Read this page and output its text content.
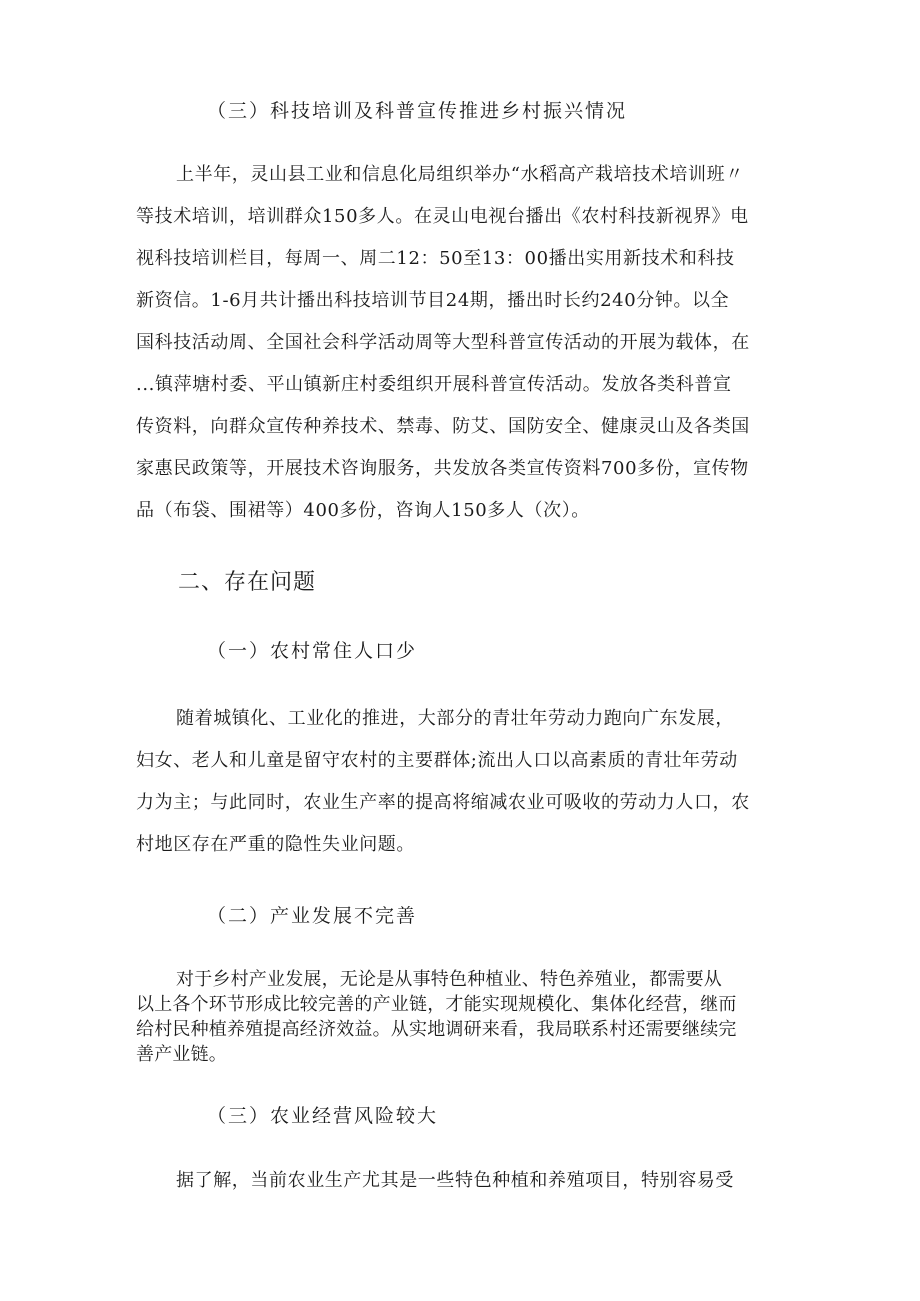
（三）科技培训及科普宣传推进乡村振兴情况
上半年，灵山县工业和信息化局组织举办“水稻高产栽培技术培训班〃
等技术培训，培训群众150多人。在灵山电视台播出《农村科技新视界》电
视科技培训栏目，每周一、周二12：50至13：00播出实用新技术和科技
新资信。1-6月共计播出科技培训节目24期，播出时长约240分钟。以全
国科技活动周、全国社会科学活动周等大型科普宣传活动的开展为载体，在
...镇萍塘村委、平山镇新庄村委组织开展科普宣传活动。发放各类科普宣
传资料，向群众宣传种养技术、禁毒、防艾、国防安全、健康灵山及各类国
家惠民政策等，开展技术咨询服务，共发放各类宣传资料700多份，宣传物
品（布袋、围裙等）400多份，咨询人150多人（次）。
二、存在问题
（一）农村常住人口少
随着城镇化、工业化的推进，大部分的青壮年劳动力跑向广东发展，
妇女、老人和儿童是留守农村的主要群体;流出人口以高素质的青壮年劳动
力为主；与此同时，农业生产率的提高将缩减农业可吸收的劳动力人口，农
村地区存在严重的隐性失业问题。
（二）产业发展不完善
对于乡村产业发展，无论是从事特色种植业、特色养殖业，都需要从
以上各个环节形成比较完善的产业链，才能实现规模化、集体化经营，继而
给村民种植养殖提高经济效益。从实地调研来看，我局联系村还需要继续完
善产业链。
（三）农业经营风险较大
据了解，当前农业生产尤其是一些特色种植和养殖项目，特别容易受
